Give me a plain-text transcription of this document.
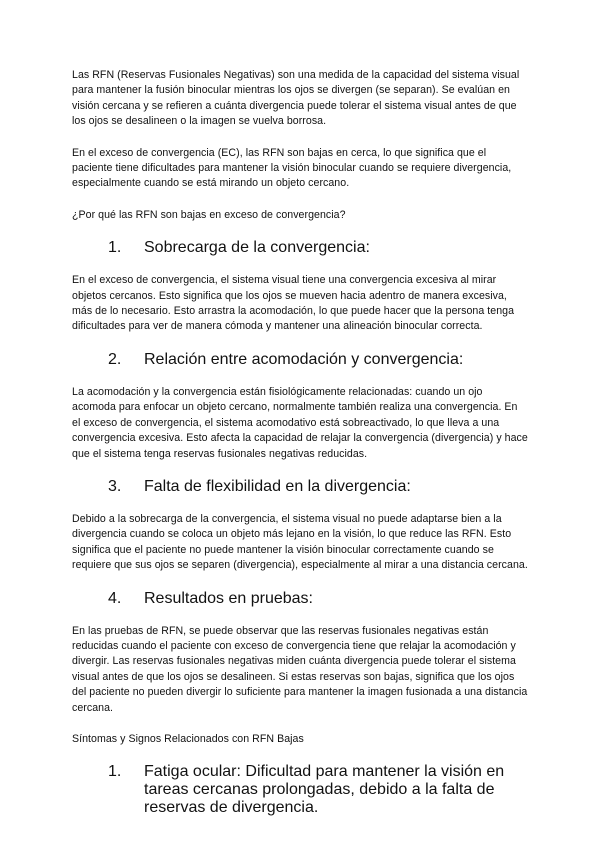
Las RFN (Reservas Fusionales Negativas) son una medida de la capacidad del sistema visual para mantener la fusión binocular mientras los ojos se divergen (se separan). Se evalúan en visión cercana y se refieren a cuánta divergencia puede tolerar el sistema visual antes de que los ojos se desalineen o la imagen se vuelva borrosa.

En el exceso de convergencia (EC), las RFN son bajas en cerca, lo que significa que el paciente tiene dificultades para mantener la visión binocular cuando se requiere divergencia, especialmente cuando se está mirando un objeto cercano.

¿Por qué las RFN son bajas en exceso de convergencia?

1.	Sobrecarga de la convergencia:

En el exceso de convergencia, el sistema visual tiene una convergencia excesiva al mirar objetos cercanos. Esto significa que los ojos se mueven hacia adentro de manera excesiva, más de lo necesario. Esto arrastra la acomodación, lo que puede hacer que la persona tenga dificultades para ver de manera cómoda y mantener una alineación binocular correcta.

2.	Relación entre acomodación y convergencia:

La acomodación y la convergencia están fisiológicamente relacionadas: cuando un ojo acomoda para enfocar un objeto cercano, normalmente también realiza una convergencia. En el exceso de convergencia, el sistema acomodativo está sobreactivado, lo que lleva a una convergencia excesiva. Esto afecta la capacidad de relajar la convergencia (divergencia) y hace que el sistema tenga reservas fusionales negativas reducidas.

3.	Falta de flexibilidad en la divergencia:

Debido a la sobrecarga de la convergencia, el sistema visual no puede adaptarse bien a la divergencia cuando se coloca un objeto más lejano en la visión, lo que reduce las RFN. Esto significa que el paciente no puede mantener la visión binocular correctamente cuando se requiere que sus ojos se separen (divergencia), especialmente al mirar a una distancia cercana.

4.	Resultados en pruebas:

En las pruebas de RFN, se puede observar que las reservas fusionales negativas están reducidas cuando el paciente con exceso de convergencia tiene que relajar la acomodación y divergir. Las reservas fusionales negativas miden cuánta divergencia puede tolerar el sistema visual antes de que los ojos se desalineen. Si estas reservas son bajas, significa que los ojos del paciente no pueden divergir lo suficiente para mantener la imagen fusionada a una distancia cercana.

Síntomas y Signos Relacionados con RFN Bajas

1.	Fatiga ocular: Dificultad para mantener la visión en tareas cercanas prolongadas, debido a la falta de reservas de divergencia.
